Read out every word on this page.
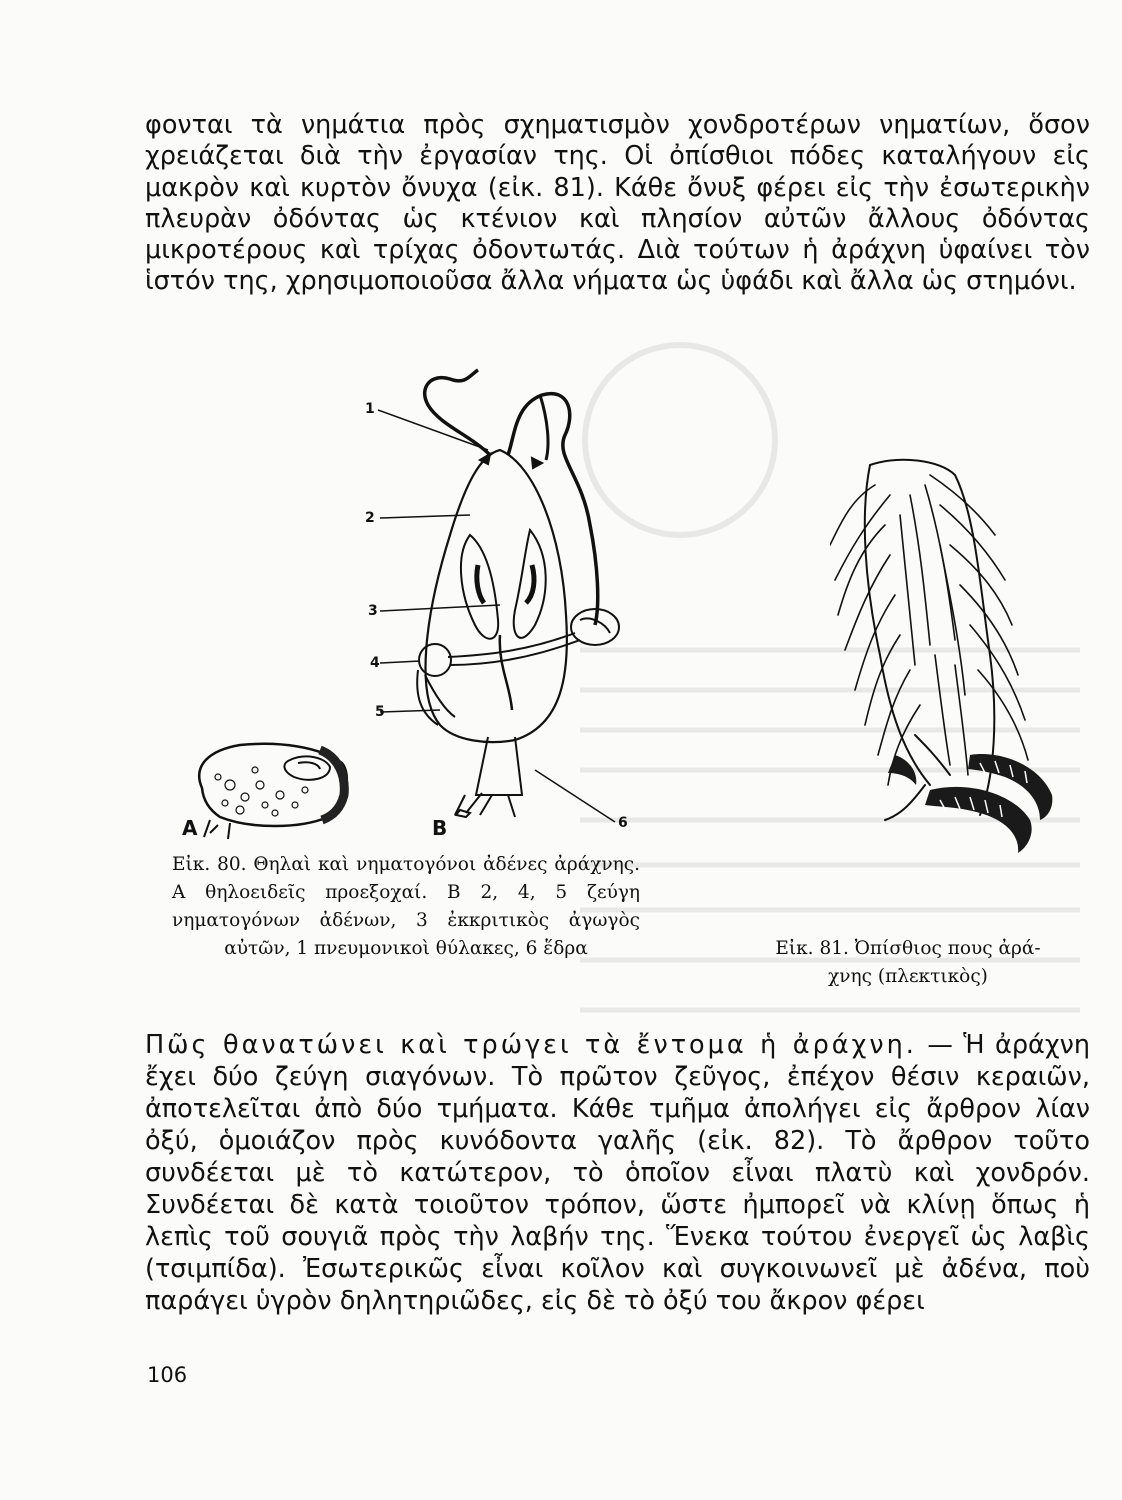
φονται τὰ νημάτια πρὸς σχηματισμὸν χονδροτέρων νηματίων, ὅσον χρειάζεται διὰ τὴν ἐργασίαν της. Οἱ ὀπίσθιοι πόδες καταλήγουν εἰς μακρὸν καὶ κυρτὸν ὄνυχα (εἰκ. 81). Κάθε ὄνυξ φέρει εἰς τὴν ἐσωτερικὴν πλευρὰν ὀδόντας ὡς κτένιον καὶ πλησίον αὐτῶν ἄλλους ὀδόντας μικροτέρους καὶ τρίχας ὀδοντωτάς. Διὰ τούτων ἡ ἀράχνη ὑφαίνει τὸν ἱστόν της, χρησιμοποιοῦσα ἄλλα νήματα ὡς ὑφάδι καὶ ἄλλα ὡς στημόνι.

1
2
3
4
5
6
A	B
Εἰκ. 80. Θηλαὶ καὶ νηματογόνοι ἀδένες ἀράχνης. Α θηλοειδεῖς προεξοχαί. Β 2, 4, 5 ζεύγη νηματογόνων ἀδένων, 3 ἐκκριτικὸς ἀγωγὸς αὐτῶν, 1 πνευμονικοὶ θύλακες, 6 ἕδρα	Εἰκ. 81. Ὀπίσθιος πους ἀρά-
χνης (πλεκτικὸς)

Πῶς θανατώνει καὶ τρώγει τὰ ἔντομα ἡ ἀράχνη. — Ἡ ἀράχνη ἔχει δύο ζεύγη σιαγόνων. Τὸ πρῶτον ζεῦγος, ἐπέχον θέσιν κεραιῶν, ἀποτελεῖται ἀπὸ δύο τμήματα. Κάθε τμῆμα ἀπολήγει εἰς ἄρθρον λίαν ὀξύ, ὁμοιάζον πρὸς κυνόδοντα γαλῆς (εἰκ. 82). Τὸ ἄρθρον τοῦτο συνδέεται μὲ τὸ κατώτερον, τὸ ὁποῖον εἶναι πλατὺ καὶ χονδρόν. Συνδέεται δὲ κατὰ τοιοῦτον τρόπον, ὥστε ἠμπορεῖ νὰ κλίνῃ ὅπως ἡ λεπὶς τοῦ σουγιᾶ πρὸς τὴν λαβήν της. Ἕνεκα τούτου ἐνεργεῖ ὡς λαβὶς (τσιμπίδα). Ἐσωτερικῶς εἶναι κοῖλον καὶ συγκοινωνεῖ μὲ ἀδένα, ποὺ παράγει ὑγρὸν δηλητηριῶδες, εἰς δὲ τὸ ὀξύ του ἄκρον φέρει

106
